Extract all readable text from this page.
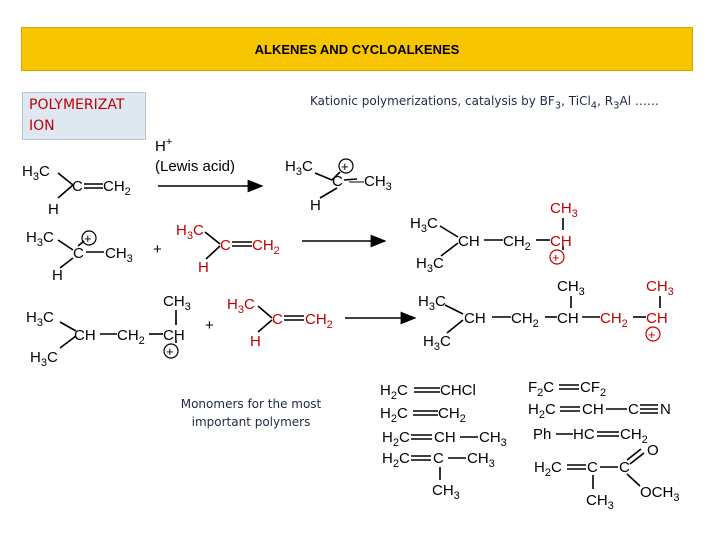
ALKENES AND CYCLOALKENES
POLYMERIZAT
ION
Kationic polymerizations, catalysis by $BF_3$, TiCl$_4$, $R_3Al$ ……
Monomers for the most important polymers
$H_3C$
C $CH_2$
H
H+
(Lewis acid)	$H_3C$
C $—CH_3$
H
+
$H_3C$
C $CH_3$
H
+
+
$H_3C$
C $CH_2$
H
$H_3C$
CH $CH_2$ CH
$CH_3$
$H_3C$	+
$H_3C$
CH $CH_2$ CH
$CH_3$
$H_3C$	+
+
$H_3C$
C $CH_2$
H
$H_3C$
CH $CH_2$ CH
$CH_3$
$CH_2$ CH
$CH_3$
$H_3C$	+
$H_2C$ CHCl
$H_2C$ $CH_2$
$H_2C$ CH $CH_3$
$H_2C$ C $CH_3$
$CH_3$
$F_2C$ $CF_2$
$H_2C$ CH C N
Ph HC $CH_2$
$H_2C$ C C
O
$CH_3$
$OCH_3$
